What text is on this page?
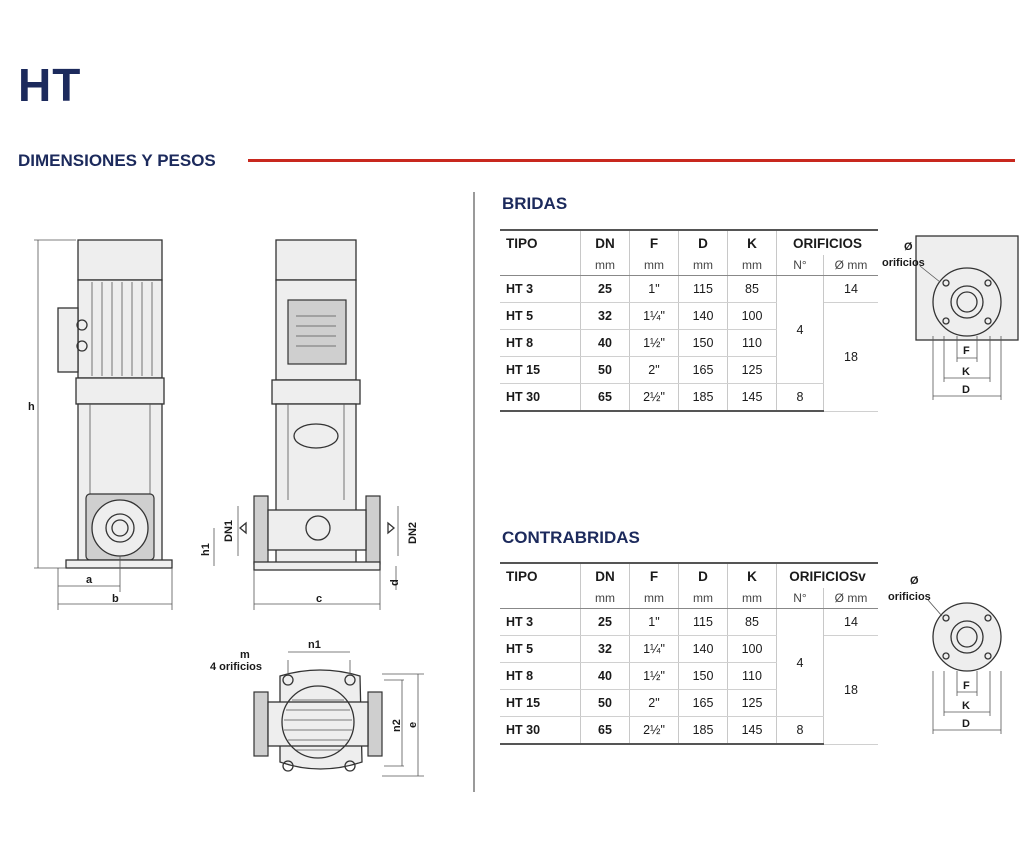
HT
DIMENSIONES Y PESOS
h
a
b	c
d
h1
DN1	DN2
m
4 orificios
n1
n2 e
Ø
orificios
F
K
D
Ø
orificios
F
K
D
BRIDAS
TIPO	DN	F	D	K	ORIFICIOS	
	mm	mm	mm	mm	N°	Ø mm
HT 3	25	1"	115	85	4	14
HT 5	32	1¼"	140	100		18
HT 8	40	1½"	150	110		
HT 15	50	2"	165	125		
HT 30	65	2½"	185	145	8	
CONTRABRIDAS
TIPO	DN	F	D	K	ORIFICIOSv	
	mm	mm	mm	mm	N°	Ø mm
HT 3	25	1"	115	85	4	14
HT 5	32	1¼"	140	100		18
HT 8	40	1½"	150	110		
HT 15	50	2"	165	125		
HT 30	65	2½"	185	145	8	
